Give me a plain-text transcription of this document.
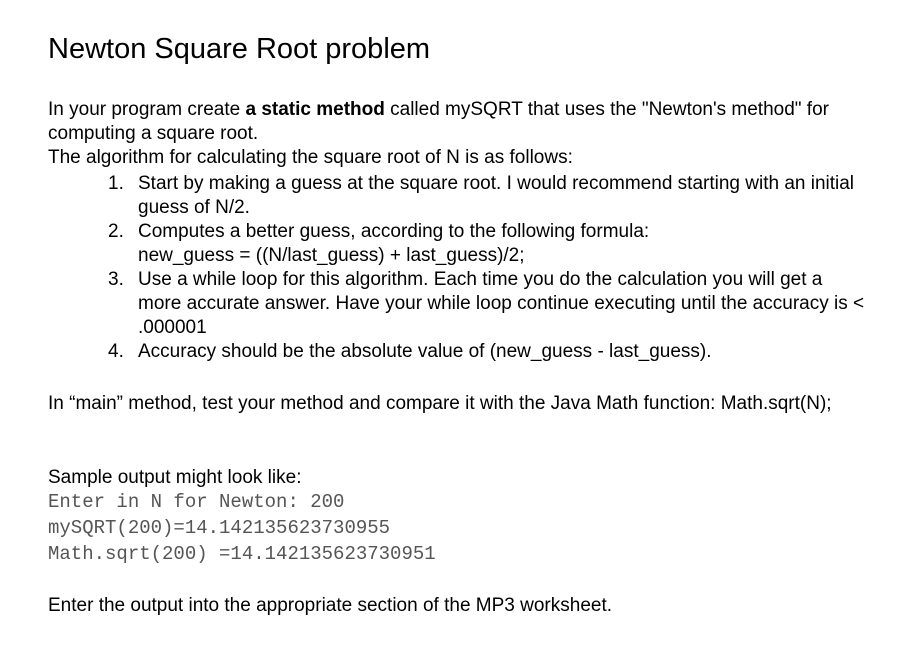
Newton Square Root problem

In your program create a static method called mySQRT that uses the "Newton's method" for computing a square root.
The algorithm for calculating the square root of N is as follows:

1. Start by making a guess at the square root. I would recommend starting with an initial guess of N/2.
2. Computes a better guess, according to the following formula:
new_guess = ((N/last_guess) + last_guess)/2;
3. Use a while loop for this algorithm. Each time you do the calculation you will get a more accurate answer. Have your while loop continue executing until the accuracy is < .000001
4. Accuracy should be the absolute value of (new_guess - last_guess).

In “main” method, test your method and compare it with the Java Math function: Math.sqrt(N);

Sample output might look like:

Enter in N for Newton: 200
mySQRT(200)=14.142135623730955
Math.sqrt(200) =14.142135623730951

Enter the output into the appropriate section of the MP3 worksheet.
